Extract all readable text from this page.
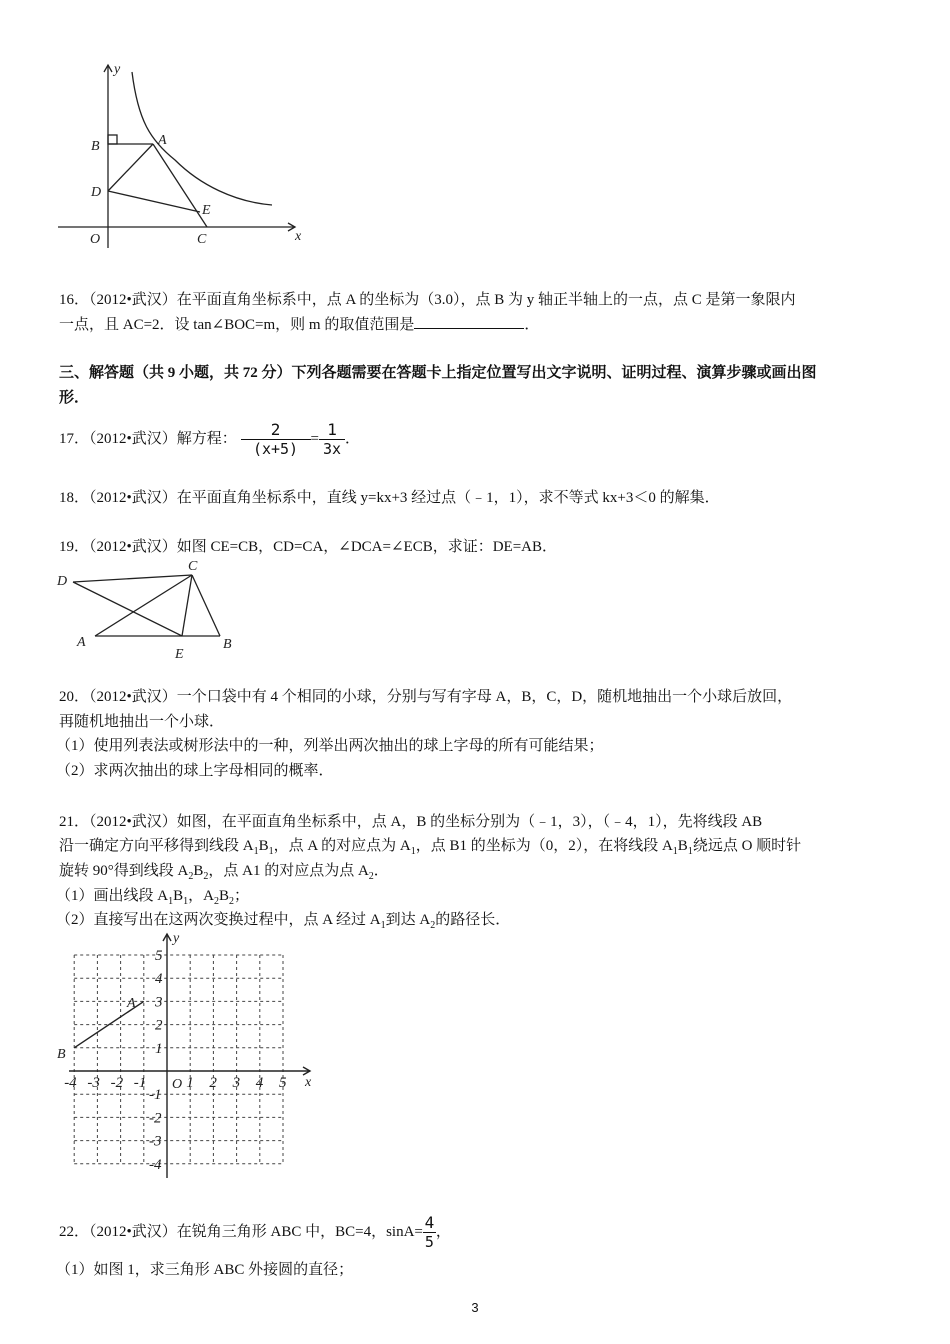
y
x
B	A
D
E
O	C
16．（2012•武汉）在平面直角坐标系中，点 A 的坐标为（3.0），点 B 为 y 轴正半轴上的一点，点 C 是第一象限内
一点，且 AC=2．设 tan∠BOC=m，则 m 的取值范围是	．
三、解答题（共 9 小题，共 72 分）下列各题需要在答题卡上指定位置写出文字说明、证明过程、演算步骤或画出图
形．
17．（2012•武汉）解方程： $\frac{2}{(x+5)} = \frac{1}{3x}$ ．
18．（2012•武汉）在平面直角坐标系中，直线 y=kx+3 经过点（﹣1，1），求不等式 kx+3＜0 的解集．
19．（2012•武汉）如图 CE=CB，CD=CA，∠DCA=∠ECB，求证：DE=AB．
D
C
A
E
B
20．（2012•武汉）一个口袋中有 4 个相同的小球，分别与写有字母 A，B，C，D，随机地抽出一个小球后放回，
再随机地抽出一个小球．
（1）使用列表法或树形法中的一种，列举出两次抽出的球上字母的所有可能结果；
（2）求两次抽出的球上字母相同的概率．
21．（2012•武汉）如图，在平面直角坐标系中，点 A，B 的坐标分别为（﹣1，3），（﹣4，1），先将线段 AB
沿一确定方向平移得到线段 $A_1B_1$，点 A 的对应点为 $A_1$，点 B1 的坐标为（0，2），在将线段 $A_1B_1$绕远点 O 顺时针
旋转 90°得到线段 $A_2B_2$，点 A1 的对应点为点 $A_2$．
（1）画出线段 $A_1B_1$，$A_2B_2$；
（2）直接写出在这两次变换过程中，点 A 经过 $A_1$到达 $A_2$的路径长．
-4 -3 -2 -1	1 2 3 4 5
5
4
3
2
1
-1
-2
-3
-4
y
x
O
A
B
22．（2012•武汉）在锐角三角形 ABC 中，BC=4，$\sin A= \frac{4}{5}$ ，
（1）如图 1，求三角形 ABC 外接圆的直径；
3
